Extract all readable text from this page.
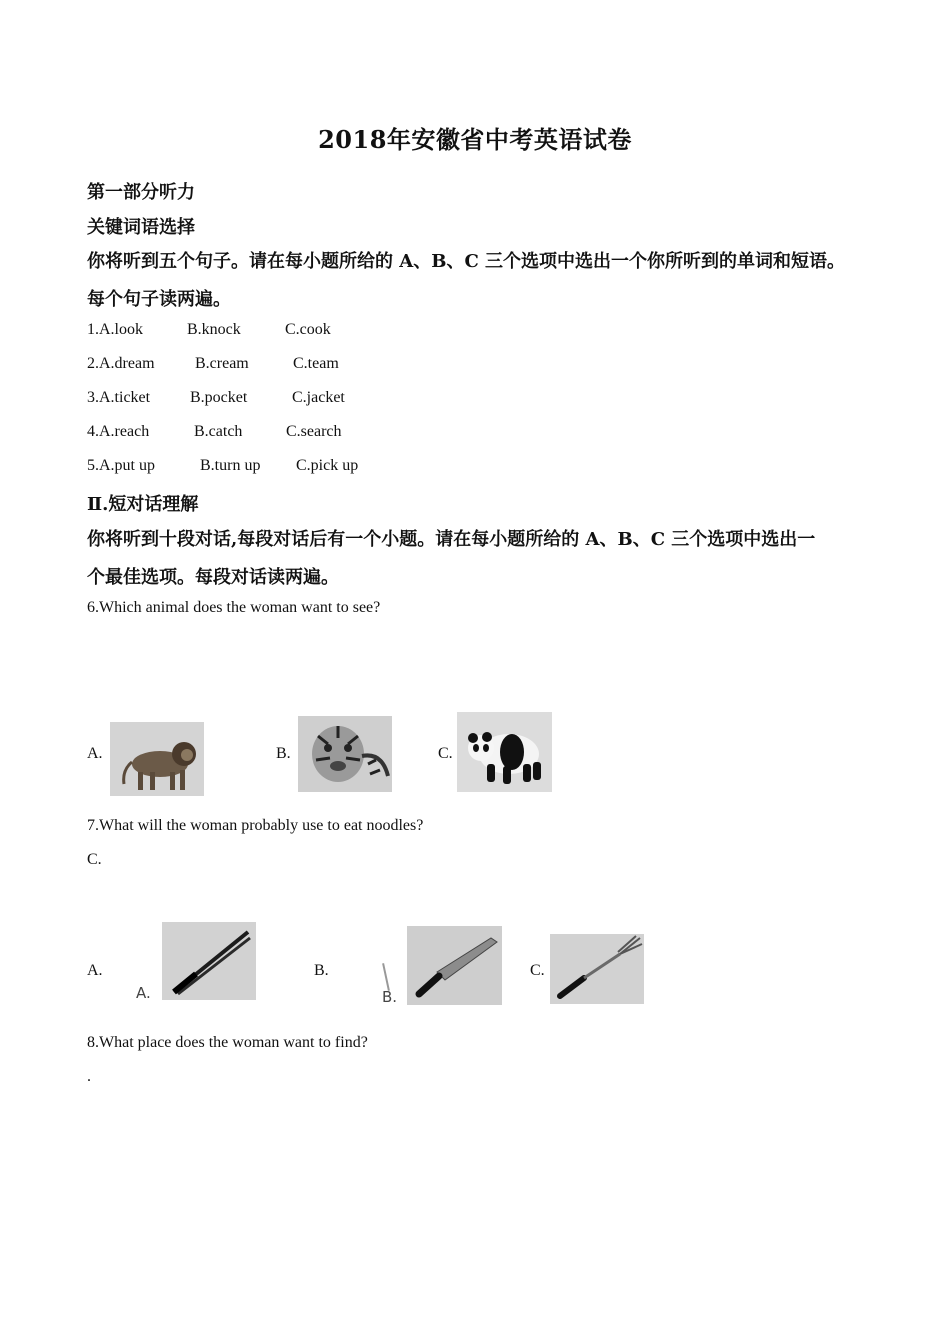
2018年安徽省中考英语试卷
第一部分听力
关键词语选择
你将听到五个句子。请在每小题所给的 A、B、C 三个选项中选出一个你所听到的单词和短语。
每个句子读两遍。
1.A.look	B.knock	C.cook
2.A.dream	B.cream	C.team
3.A.ticket B.pocket	C.jacket
4.A.reach	B.catch	C.search
5.A.put up	B.turn up C.pick up
Ⅱ.短对话理解
你将听到十段对话,每段对话后有一个小题。请在每小题所给的 A、B、C 三个选项中选出一
个最佳选项。每段对话读两遍。
6.Which animal does the woman want to see?
A.	B.	C.
7.What will the woman probably use to eat noodles?
C.
A.
A.
B.
B.
C.
8.What place does the woman want to find?
.
